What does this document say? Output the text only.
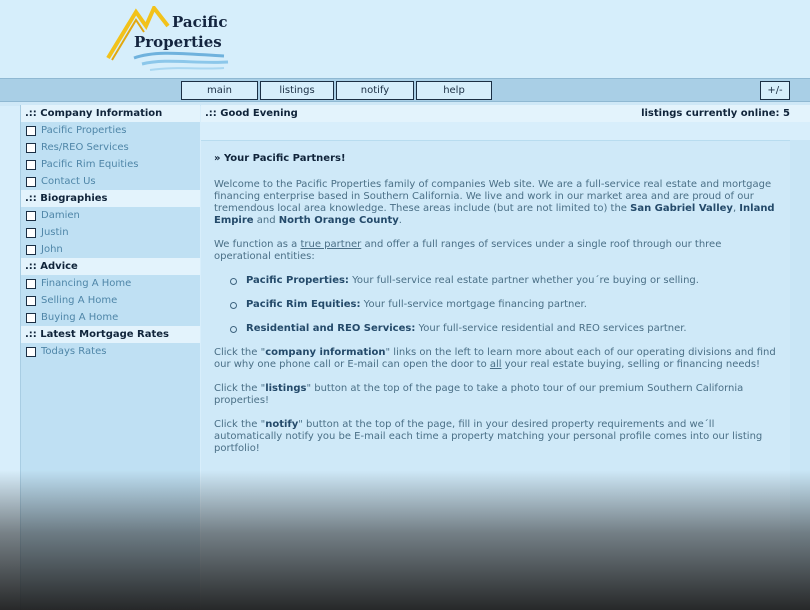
Pacific
Properties
main	listings	notify	help	+/-
.:: Company Information
Pacific Properties
Res/REO Services
Pacific Rim Equities
Contact Us
.:: Biographies
Damien
Justin
John
.:: Advice
Financing A Home
Selling A Home
Buying A Home
.:: Latest Mortgage Rates
Todays Rates
.:: Good Evening	listings currently online: 5
» Your Pacific Partners!

Welcome to the Pacific Properties family of companies Web site. We are a full-service real estate and mortgage financing enterprise based in Southern California. We live and work in our market area and are proud of our tremendous local area knowledge. These areas include (but are not limited to) the San Gabriel Valley, Inland Empire and North Orange County.

We function as a true partner and offer a full ranges of services under a single roof through our three operational entities:

Pacific Properties: Your full-service real estate partner whether you´re buying or selling.
Pacific Rim Equities: Your full-service mortgage financing partner.
Residential and REO Services: Your full-service residential and REO services partner.

Click the "company information" links on the left to learn more about each of our operating divisions and find our why one phone call or E-mail can open the door to all your real estate buying, selling or financing needs!

Click the "listings" button at the top of the page to take a photo tour of our premium Southern California properties!

Click the "notify" button at the top of the page, fill in your desired property requirements and we´ll automatically notify you be E-mail each time a property matching your personal profile comes into our listing portfolio!
